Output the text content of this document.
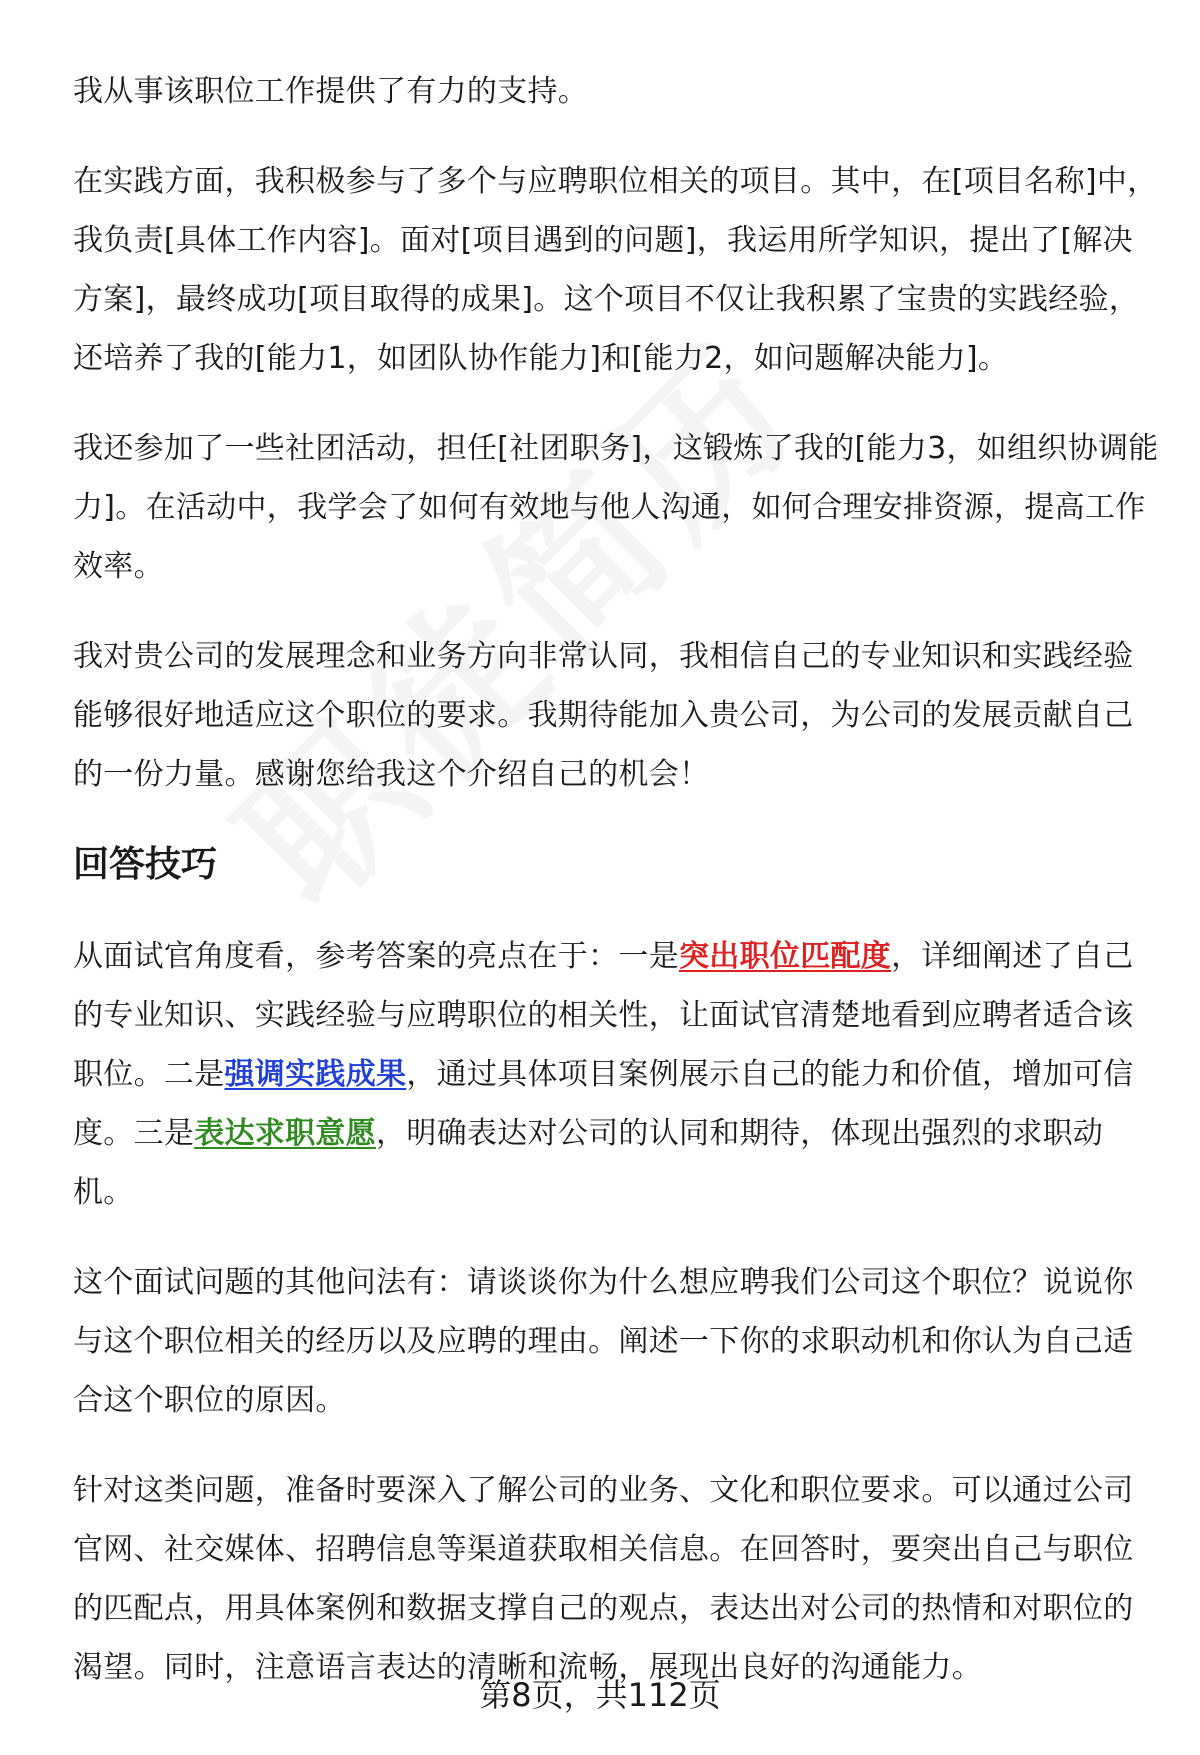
我从事该职位工作提供了有力的支持。

在实践方面，我积极参与了多个与应聘职位相关的项目。其中，在[项目名称]中，我负责[具体工作内容]。面对[项目遇到的问题]，我运用所学知识，提出了[解决方案]，最终成功[项目取得的成果]。这个项目不仅让我积累了宝贵的实践经验，还培养了我的[能力1，如团队协作能力]和[能力2，如问题解决能力]。

我还参加了一些社团活动，担任[社团职务]，这锻炼了我的[能力3，如组织协调能力]。在活动中，我学会了如何有效地与他人沟通，如何合理安排资源，提高工作效率。

我对贵公司的发展理念和业务方向非常认同，我相信自己的专业知识和实践经验能够很好地适应这个职位的要求。我期待能加入贵公司，为公司的发展贡献自己的一份力量。感谢您给我这个介绍自己的机会！

回答技巧

从面试官角度看，参考答案的亮点在于：一是突出职位匹配度，详细阐述了自己的专业知识、实践经验与应聘职位的相关性，让面试官清楚地看到应聘者适合该职位。二是强调实践成果，通过具体项目案例展示自己的能力和价值，增加可信度。三是表达求职意愿，明确表达对公司的认同和期待，体现出强烈的求职动机。

这个面试问题的其他问法有：请谈谈你为什么想应聘我们公司这个职位？说说你与这个职位相关的经历以及应聘的理由。阐述一下你的求职动机和你认为自己适合这个职位的原因。

针对这类问题，准备时要深入了解公司的业务、文化和职位要求。可以通过公司官网、社交媒体、招聘信息等渠道获取相关信息。在回答时，要突出自己与职位的匹配点，用具体案例和数据支撑自己的观点，表达出对公司的热情和对职位的渴望。同时，注意语言表达的清晰和流畅，展现出良好的沟通能力。

第8页，共112页
